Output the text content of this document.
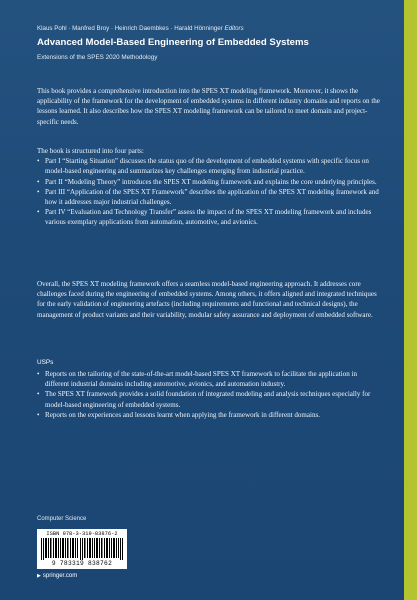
Klaus Pohl · Manfred Broy · Heinrich Daembkes · Harald Hönninger Editors
Advanced Model-Based Engineering of Embedded Systems
Extensions of the SPES 2020 Methodology

This book provides a comprehensive introduction into the SPES XT modeling framework. Moreover, it shows the applicability of the framework for the development of embedded systems in different industry domains and reports on the lessons learned. It also describes how the SPES XT modeling framework can be tailored to meet domain and project-specific needs.

The book is structured into four parts:

• Part I “Starting Situation” discusses the status quo of the development of embedded systems with specific focus on model-based engineering and summarizes key challenges emerging from industrial practice.
• Part II “Modeling Theory” introduces the SPES XT modeling framework and explains the core underlying principles.
• Part III “Application of the SPES XT Framework” describes the application of the SPES XT modeling framework and how it addresses major industrial challenges.
• Part IV “Evaluation and Technology Transfer” assess the impact of the SPES XT modeling framework and includes various exemplary applications from automation, automotive, and avionics.

Overall, the SPES XT modeling framework offers a seamless model-based engineering approach. It addresses core challenges faced during the engineering of embedded systems. Among others, it offers aligned and integrated techniques for the early validation of engineering artefacts (including requirements and functional and technical designs), the management of product variants and their variability, modular safety assurance and deployment of embedded software.

USPs
• Reports on the tailoring of the state-of-the-art model-based SPES XT framework to facilitate the application in different industrial domains including automotive, avionics, and automation industry.
• The SPES XT framework provides a solid foundation of integrated modeling and analysis techniques especially for model-based engineering of embedded systems.
• Reports on the experiences and lessons learnt when applying the framework in different domains.
Computer Science
ISBN 978-3-319-83876-2
9 783319 838762
▶ springer.com
